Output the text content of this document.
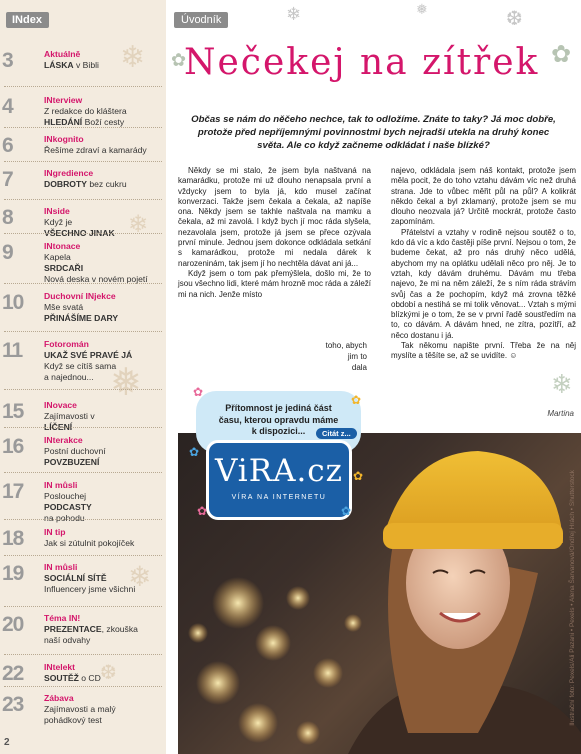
❄
❄
❅
❄
❆
INdex
3	Aktuálně
LÁSKA v Bibli
4	INterview
Z redakce do kláštera
HLEDÁNÍ Boží cesty
6	INkognito
Řešíme zdraví a kamarády
7	INgredience
DOBROTY bez cukru
8	INside
Když je
VŠECHNO JINAK
9	INtonace
Kapela
SRDCAŘI
Nová deska v novém pojetí
10 Duchovní INjekce
Mše svatá
PŘINÁŠÍME DARY
11	Fotoromán
UKAŽ SVÉ PRAVÉ JÁ
Když se cítíš sama
a najednou...
15 INovace
Zajímavosti v
LÍČENÍ
16 INterakce
Postní duchovní
POVZBUZENÍ
17 IN můsli
Poslouchej
PODCASTY
na pohodu
18 IN tip
Jak si zútulnit pokojíček
19 IN můsli
SOCIÁLNÍ SÍTĚ
Influencery jsme všichni
20 Téma IN!
PREZENTACE, zkouška
naší odvahy
22 INtelekt
SOUTĚŽ o CD
23 Zábava
Zajímavosti a malý
pohádkový test
2
Úvodník	❄	❅	❆
✿
✿
❄
Nečekej na zítřek
Občas se nám do něčeho nechce, tak to odložíme. Znáte to taky? Já moc dobře,
protože před nepříjemnými povinnostmi bych nejradši utekla na druhý konec
světa. Ale co když začneme odkládat i naše blízké?

Někdy se mi stalo, že jsem byla naštvaná na kamarádku, protože mi už dlouho nenapsala první a vždycky jsem to byla já, kdo musel začínat konverzaci. Takže jsem čekala a čekala, až napíše ona. Někdy jsem se takhle naštvala na mamku a čekala, až mi zavolá. I když bych jí moc ráda slyšela, nezavolala jsem, protože já jsem se přece ozývala první minule. Jednou jsem dokonce odkládala setkání s kamarádkou, protože mi nedala dárek k narozeninám, tak jsem jí ho nechtěla dávat ani já...

Když jsem o tom pak přemýšlela, došlo mi, že to jsou všechno lidi, které mám hrozně moc ráda a záleží mi na nich. Jenže místo

toho, abych
jim to
dala

najevo, odkládala jsem náš kontakt, protože jsem měla pocit, že do toho vztahu dávám víc než druhá strana. Jde to vůbec měřit půl na půl? A kolikrát někdo čekal a byl zklamaný, protože jsem se mu dlouho neozvala já? Určitě mockrát, protože často zapomínám.

Přátelství a vztahy v rodině nejsou soutěž o to, kdo dá víc a kdo častěji píše první. Nejsou o tom, že budeme čekat, až pro nás druhý něco udělá, abychom my na oplátku udělali něco pro něj. Je to vztah, kdy dávám druhému. Dávám mu třeba najevo, že mi na něm záleží, že s ním ráda strávím svůj čas a že pochopím, když má zrovna těžké období a nestihá se mi tolik věnovat... Vztah s mými blízkými je o tom, že se v první řadě soustředím na to, co dávám. A dávám hned, ne zítra, pozítří, až něco dostanu i já.

Tak někomu napište první. Třeba že na něj myslíte a těšíte se, až se uvidíte. ☺

Martina
Ilustrační foto: Pexels/Ali Pazani • Pexels • Alena Šarvanová/Ondřej Hrách • Shutterstock
Přítomnost je jediná část
času, kterou opravdu máme
k dispozici...
✿
✿
✿
ViRA.cz
VÍRA NA INTERNETU
Citát z...
✿	✿
✿
